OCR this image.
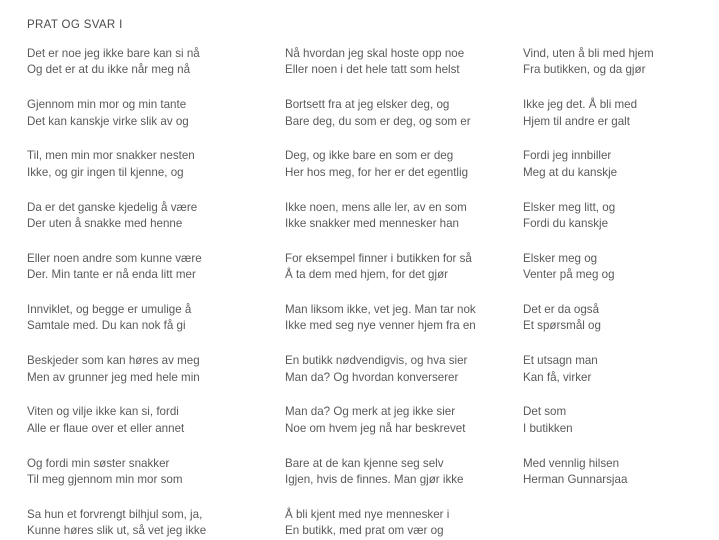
PRAT OG SVAR I
Det er noe jeg ikke bare kan si nå
Og det er at du ikke når meg nå
Gjennom min mor og min tante
Det kan kanskje virke slik av og
Til, men min mor snakker nesten
Ikke, og gir ingen til kjenne, og
Da er det ganske kjedelig å være
Der uten å snakke med henne
Eller noen andre som kunne være
Der. Min tante er nå enda litt mer
Innviklet, og begge er umulige å
Samtale med. Du kan nok få gi
Beskjeder som kan høres av meg
Men av grunner jeg med hele min
Viten og vilje ikke kan si, fordi
Alle er flaue over et eller annet
Og fordi min søster snakker
Til meg gjennom min mor som
Sa hun et forvrengt bilhjul som, ja,
Kunne høres slik ut, så vet jeg ikke
Nå hvordan jeg skal hoste opp noe
Eller noen i det hele tatt som helst
Bortsett fra at jeg elsker deg, og
Bare deg, du som er deg, og som er
Deg, og ikke bare en som er deg
Her hos meg, for her er det egentlig
Ikke noen, mens alle ler, av en som
Ikke snakker med mennesker han
For eksempel finner i butikken for så
Å ta dem med hjem, for det gjør
Man liksom ikke, vet jeg. Man tar nok
Ikke med seg nye venner hjem fra en
En butikk nødvendigvis, og hva sier
Man da? Og hvordan konverserer
Man da? Og merk at jeg ikke sier
Noe om hvem jeg nå har beskrevet
Bare at de kan kjenne seg selv
Igjen, hvis de finnes. Man gjør ikke
Å bli kjent med nye mennesker i
En butikk, med prat om vær og
Vind, uten å bli med hjem
Fra butikken, og da gjør
Ikke jeg det. Å bli med
Hjem til andre er galt
Fordi jeg innbiller
Meg at du kanskje
Elsker meg litt, og
Fordi du kanskje
Elsker meg og
Venter på meg og
Det er da også
Et spørsmål og
Et utsagn man
Kan få, virker
Det som
I butikken
Med vennlig hilsen
Herman Gunnarsjaa
